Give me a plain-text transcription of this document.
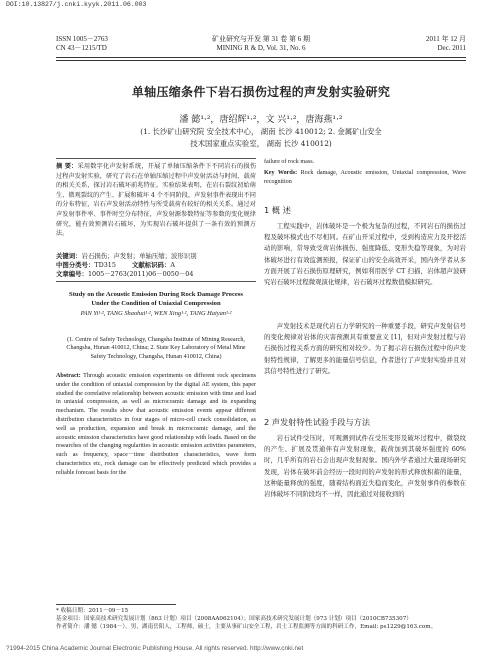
DOI:10.13827/j.cnki.kyyk.2011.06.003
ISSN 1005－2763
CN 43－1215/TD
矿业研究与开发 第 31 卷 第 6 期
MINING R & D, Vol. 31, No. 6
2011 年 12 月
Dec. 2011
单轴压缩条件下岩石损伤过程的声发射实验研究
潘 懿¹·²，唐绍辉¹·²，文 兴¹·²，唐海燕¹·²
(1. 长沙矿山研究院 安全技术中心， 湖南 长沙 410012; 2. 金属矿山安全
技术国家重点实验室， 湖南 长沙 410012)
摘 要：采用数字化声发射系统，开展了单轴压缩条件下不同岩石的损伤过程声发射实验，研究了岩石在单轴压缩过程中声发射活动与时间、载荷的相关关系，探讨岩石破坏前兆特征。实验结果表明，在岩石裂纹初始萌生、微观裂纹的产生、扩展和破坏 4 个不同阶段，声发射事件表现出不同的分布特征，岩石声发射活动特性与所受载荷有较好的相关关系。通过对声发射事件率、事件时空分布特征，声发射源参数特征等参数的变化规律研究，能有效预测岩石破坏，为实现岩石破坏提供了一条有效的预测方法。
关键词：岩石损伤；声发射；单轴压缩；波形识别
中图分类号：TD315	文献标识码：A
文章编号：1005－2763(2011)06－0050－04
Study on the Acoustic Emission During Rock Damage Process Under the Condition of Uniaxial Compression
PAN Yi¹·², TANG Shaohui¹·², WEN Xing¹·², TANG Haiyan¹·²
(1. Centre of Safety Technology, Changsha Institute of Mining Research, Changsha, Hunan 410012, China; 2. State Key Laboratory of Metal Mine Safety Technology, Changsha, Hunan 410012, China)
Abstract: Through acoustic emission experiments on different rock specimens under the condition of uniaxial compression by the digital AE system, this paper studied the correlative relationship between acoustic emission with time and load in uniaxial compression, as well as microcosmic damage and its expanding mechanism. The results show that acoustic emission events appear different distribution characteristics in four stages of micro-cell crack consolidation, as well as production, expansion and break in microcosmic damage, and the acoustic emission characteristics have good relationship with loads. Based on the researches of the changing regularities in acoustic emission activities parameters, such as frequency, space－time distribution characteristics, wave form characteristics etc, rock damage can be effectively predicted which provides a reliable forecast basis for the
failure of rock mass.
Key Words: Rock damage, Acoustic emission, Uniaxial compression, Wave recognition
1 概 述
工程实践中，岩体破坏是一个极为复杂的过程，不同岩石的损伤过程及破坏模式也不尽相同。在矿山开采过程中，受到构造应力及开挖活动的影响，常导致受荷岩体损伤、强度降低、变形失稳等现象，为对岩体破坏进行有效监测预报，保证矿山的安全高效开采，国内外学者从多方面开展了岩石损伤原理研究，例如利用医学 CT 扫描，岩体超声波研究岩石破坏过程微观演化规律，岩石破坏过程数值模拟研究。
声发射技术是现代岩石力学研究的一种重要手段，研究声发射信号的变化规律对岩体的灾害预测具有重要意义 [1]，但对声发射过程与岩石损伤过程关系方面的研究相对较少。为了揭示岩石损伤过程中的声发射特性规律，了解更多的能量信号信息，作者进行了声发射实验并且对其信号特性进行了研究。
2 声发射特性试验手段与方法
岩石试件受压时，可观测到试件在受压变形及破坏过程中，微裂纹的产生、扩展及贯通伴有声发射现象，载荷加到其破坏强度的 60% 时，几乎所有的岩石会出现声发射现象。国内外学者通过大量现场研究发现，岩体在破坏前会经历一段时间的声发射的形式释放积蓄的能量，这种能量释放的强度，随着结构面近失稳而变化，声发射事件的参数在岩体破坏不同阶段均不一样，因此通过对接收到的
* 收稿日期：2011－09－15
基金项目：国家高技术研究发展计划（863 计划）项目（2008AA062104）；国家高技术研究发展计划（973 计划）项目（2010CB735307）
作者简介：潘 懿（1984－），男，湖南岳阳人，工程师，硕士，主要从事矿山安全工程，岩土工程监测等方面的科研工作，Email: ps1229@163.com。
?1994-2015 China Academic Journal Electronic Publishing House. All rights reserved. http://www.cnki.net
